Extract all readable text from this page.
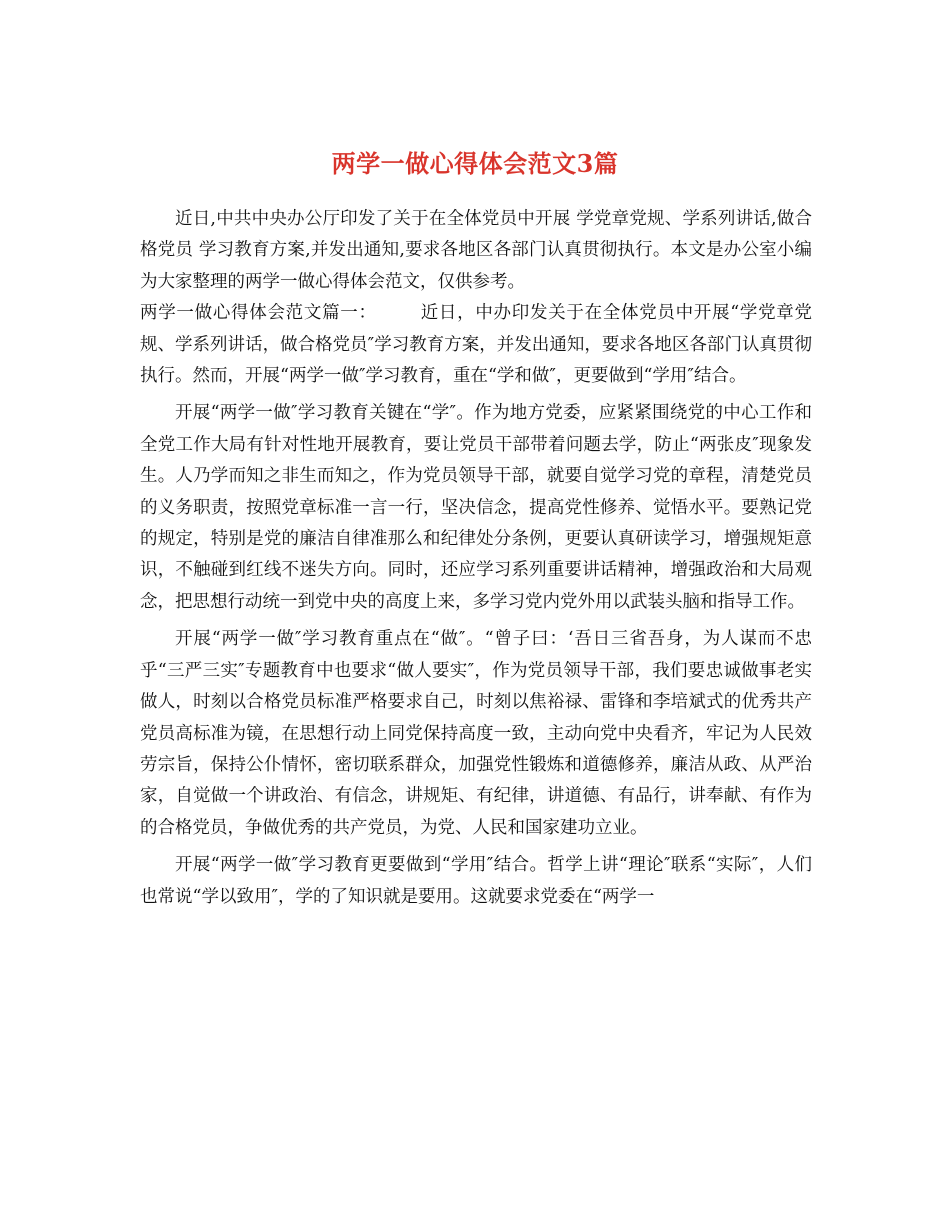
两学一做心得体会范文3篇

近日,中共中央办公厅印发了关于在全体党员中开展 学党章党规、学系列讲话,做合格党员 学习教育方案,并发出通知,要求各地区各部门认真贯彻执行。本文是办公室小编为大家整理的两学一做心得体会范文，仅供参考。

两学一做心得体会范文篇一：	近日，中办印发关于在全体党员中开展“学党章党规、学系列讲话，做合格党员″学习教育方案，并发出通知，要求各地区各部门认真贯彻执行。然而，开展“两学一做″学习教育，重在“学和做″，更要做到“学用″结合。

开展“两学一做″学习教育关键在“学″。作为地方党委，应紧紧围绕党的中心工作和全党工作大局有针对性地开展教育，要让党员干部带着问题去学，防止“两张皮″现象发生。人乃学而知之非生而知之，作为党员领导干部，就要自觉学习党的章程，清楚党员的义务职责，按照党章标准一言一行，坚决信念，提高党性修养、觉悟水平。要熟记党的规定，特别是党的廉洁自律准那么和纪律处分条例，更要认真研读学习，增强规矩意识，不触碰到红线不迷失方向。同时，还应学习系列重要讲话精神，增强政治和大局观念，把思想行动统一到党中央的高度上来，多学习党内党外用以武装头脑和指导工作。

开展“两学一做″学习教育重点在“做″。“曾子曰：‘吾日三省吾身，为人谋而不忠乎“三严三实″专题教育中也要求“做人要实″，作为党员领导干部，我们要忠诚做事老实做人，时刻以合格党员标准严格要求自己，时刻以焦裕禄、雷锋和李培斌式的优秀共产党员高标准为镜，在思想行动上同党保持高度一致，主动向党中央看齐，牢记为人民效劳宗旨，保持公仆情怀，密切联系群众，加强党性锻炼和道德修养，廉洁从政、从严治家，自觉做一个讲政治、有信念，讲规矩、有纪律，讲道德、有品行，讲奉献、有作为的合格党员，争做优秀的共产党员，为党、人民和国家建功立业。

开展“两学一做″学习教育更要做到“学用″结合。哲学上讲“理论″联系“实际″，人们也常说“学以致用″，学的了知识就是要用。这就要求党委在“两学一
